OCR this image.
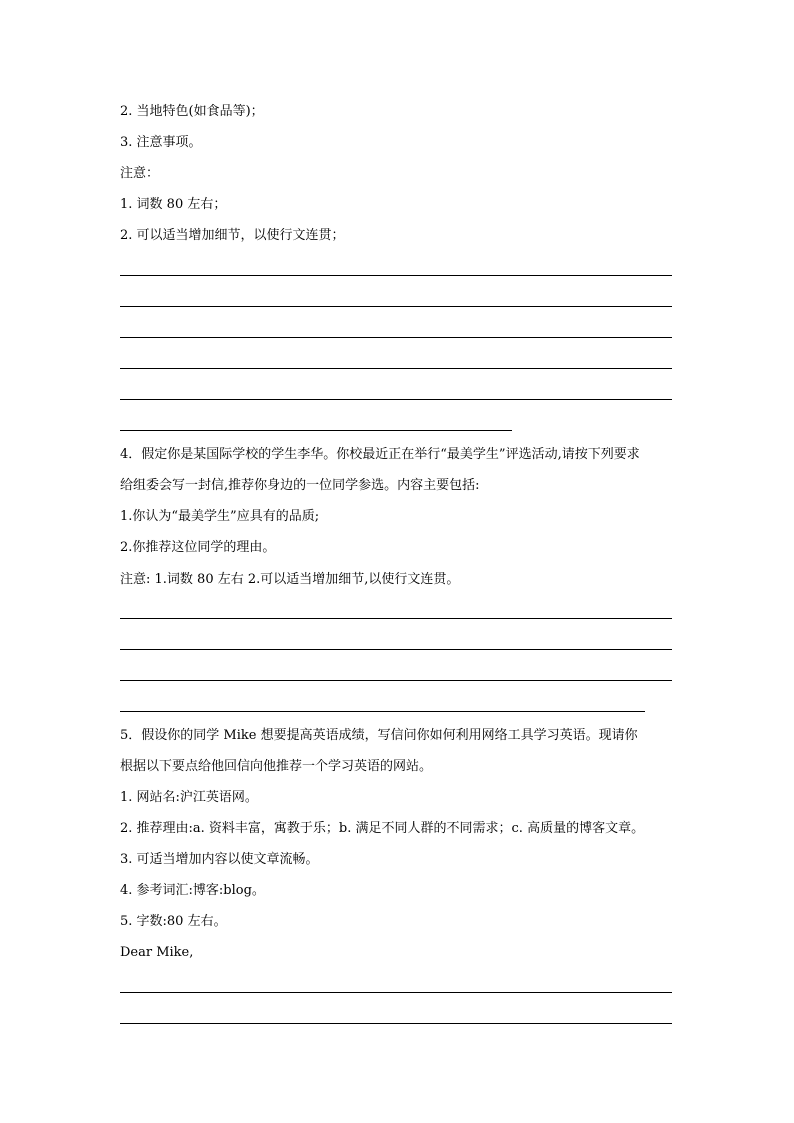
2. 当地特色(如食品等)；
3. 注意事项。
注意：
1. 词数 80 左右；
2. 可以适当增加细节，以使行文连贯；
4．假定你是某国际学校的学生李华。你校最近正在举行“最美学生”评选活动,请按下列要求
给组委会写一封信,推荐你身边的一位同学参选。内容主要包括:
1.你认为“最美学生”应具有的品质;
2.你推荐这位同学的理由。
注意: 1.词数 80 左右 2.可以适当增加细节,以使行文连贯。
5．假设你的同学 Mike 想要提高英语成绩，写信问你如何利用网络工具学习英语。现请你
根据以下要点给他回信向他推荐一个学习英语的网站。
1. 网站名:沪江英语网。
2. 推荐理由:a. 资料丰富，寓教于乐；b. 满足不同人群的不同需求；c. 高质量的博客文章。
3. 可适当增加内容以使文章流畅。
4. 参考词汇:博客:blog。
5. 字数:80 左右。
Dear Mike,
